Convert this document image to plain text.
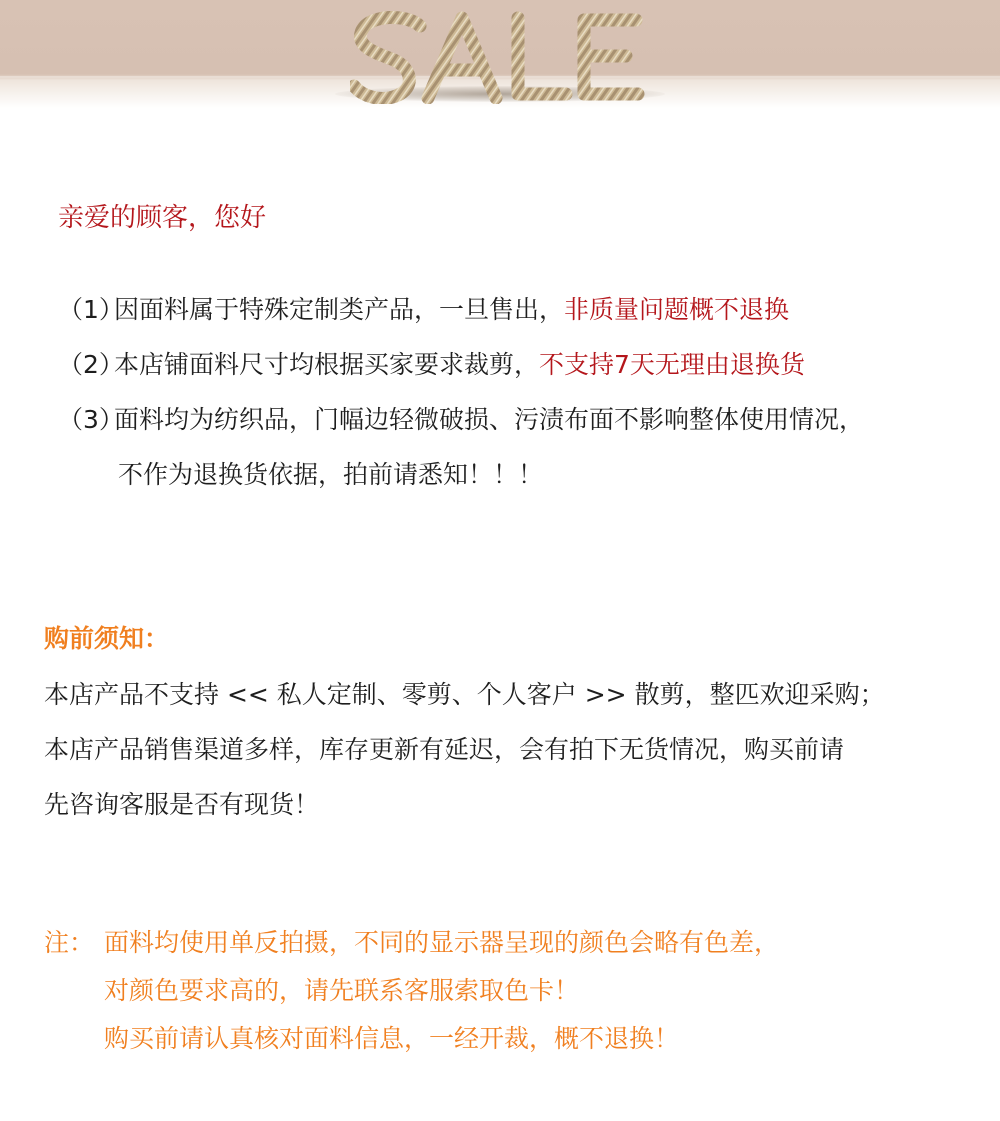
亲爱的顾客，您好
（1）因面料属于特殊定制类产品，一旦售出，非质量问题概不退换
（2）本店铺面料尺寸均根据买家要求裁剪，不支持7天无理由退换货
（3）面料均为纺织品，门幅边轻微破损、污渍布面不影响整体使用情况，
不作为退换货依据，拍前请悉知！！！
购前须知：
本店产品不支持 << 私人定制、零剪、个人客户 >> 散剪，整匹欢迎采购；
本店产品销售渠道多样，库存更新有延迟，会有拍下无货情况，购买前请
先咨询客服是否有现货！
注： 面料均使用单反拍摄，不同的显示器呈现的颜色会略有色差，
对颜色要求高的，请先联系客服索取色卡！
购买前请认真核对面料信息，一经开裁，概不退换！
